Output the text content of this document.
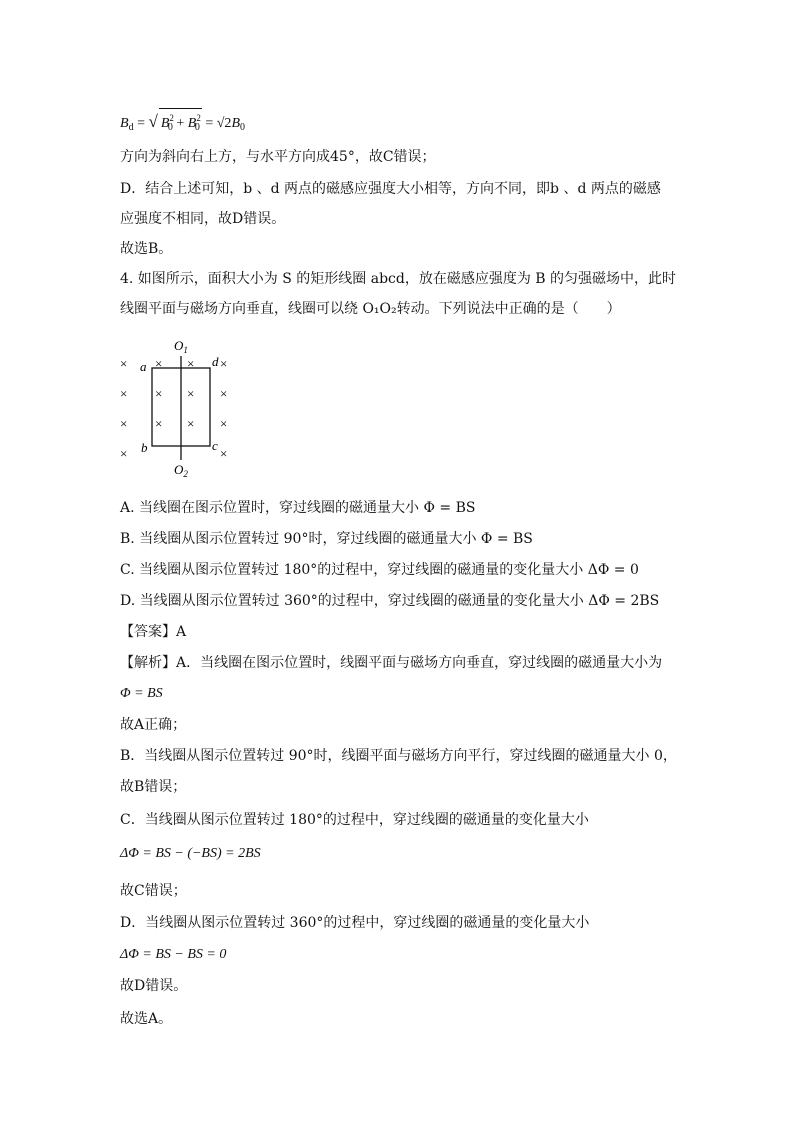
$B_d$ = √ $B^2_0 + B^2_0 = √2B_0$
方向为斜向右上方，与水平方向成45°，故C错误；
D．结合上述可知，b 、d 两点的磁感应强度大小相等，方向不同，即b 、d 两点的磁感
应强度不相同，故D错误。
故选B。
4. 如图所示，面积大小为 S 的矩形线圈 abcd，放在磁感应强度为 B 的匀强磁场中，此时
线圈平面与磁场方向垂直，线圈可以绕 O₁O₂转动。下列说法中正确的是（　　）
$O_1$
$O_2$
a
b	c
d
× × × ×
× × × ×
× × × ×
×	×
A. 当线圈在图示位置时，穿过线圈的磁通量大小 Φ = BS
B. 当线圈从图示位置转过 90°时，穿过线圈的磁通量大小 Φ = BS
C. 当线圈从图示位置转过 180°的过程中，穿过线圈的磁通量的变化量大小 ΔΦ = 0
D. 当线圈从图示位置转过 360°的过程中，穿过线圈的磁通量的变化量大小 ΔΦ = 2BS
【答案】A
【解析】A．当线圈在图示位置时，线圈平面与磁场方向垂直，穿过线圈的磁通量大小为
Φ = BS
故A正确；
B．当线圈从图示位置转过 90°时，线圈平面与磁场方向平行，穿过线圈的磁通量大小 0，
故B错误；
C．当线圈从图示位置转过 180°的过程中，穿过线圈的磁通量的变化量大小
ΔΦ = BS − (−BS) = 2BS
故C错误；
D．当线圈从图示位置转过 360°的过程中，穿过线圈的磁通量的变化量大小
ΔΦ = BS − BS = 0
故D错误。
故选A。
